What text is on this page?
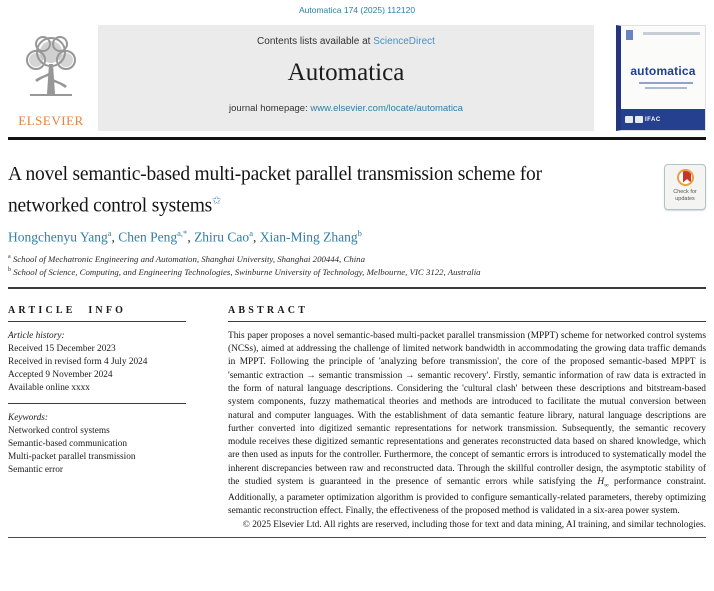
Automatica 174 (2025) 112120
ELSEVIER
Contents lists available at ScienceDirect
Automatica
journal homepage: www.elsevier.com/locate/automatica
automatica
IFAC
A novel semantic-based multi-packet parallel transmission scheme for networked control systems✩
Check for
updates
Hongchenyu Yang$^a$, Chen Peng$^{a,*}$, Zhiru Cao$^a$, Xian-Ming Zhang$^b$
$^a$ School of Mechatronic Engineering and Automation, Shanghai University, Shanghai 200444, China
$^b$ School of Science, Computing, and Engineering Technologies, Swinburne University of Technology, Melbourne, VIC 3122, Australia
ARTICLE INFO
Article history:
Received 15 December 2023
Received in revised form 4 July 2024
Accepted 9 November 2024
Available online xxxx
Keywords:
Networked control systems
Semantic-based communication
Multi-packet parallel transmission
Semantic error
ABSTRACT
This paper proposes a novel semantic-based multi-packet parallel transmission (MPPT) scheme for networked control systems (NCSs), aimed at addressing the challenge of limited network bandwidth in accommodating the growing data traffic demands in MPPT. Following the principle of 'analyzing before transmission', the core of the proposed semantic-based MPPT is 'semantic extraction → semantic transmission → semantic recovery'. Firstly, semantic information of raw data is extracted in the form of natural language descriptions. Considering the 'cultural clash' between these descriptions and bitstream-based system components, fuzzy mathematical theories and methods are introduced to facilitate the mutual conversion between natural and computer languages. With the establishment of data semantic feature library, natural language descriptions are further converted into digitized semantic representations for network transmission. Subsequently, the semantic recovery module receives these digitized semantic representations and generates reconstructed data based on shared knowledge, which are then used as inputs for the controller. Furthermore, the concept of semantic errors is introduced to systematically model the inherent discrepancies between raw and reconstructed data. Through the skillful controller design, the asymptotic stability of the studied system is guaranteed in the presence of semantic errors while satisfying the $H_\infty$ performance constraint. Additionally, a parameter optimization algorithm is provided to configure semantically-related parameters, thereby optimizing semantic reconstruction effect. Finally, the effectiveness of the proposed method is validated in a six-area power system.
© 2025 Elsevier Ltd. All rights are reserved, including those for text and data mining, AI training, and similar technologies.
